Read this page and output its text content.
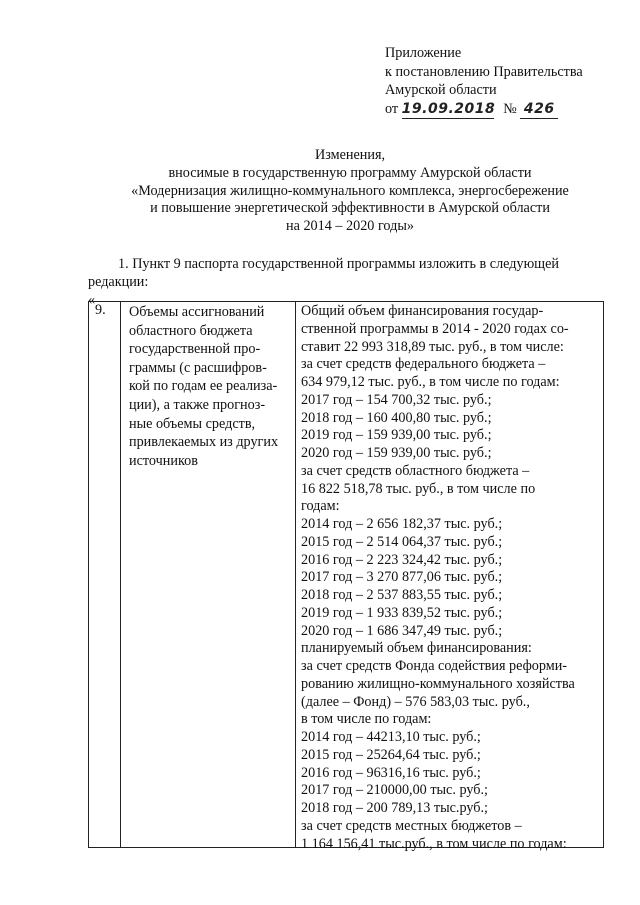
Приложение
к постановлению Правительства
Амурской области
от 19.09.2018 № 426
Изменения,
вносимые в государственную программу Амурской области
«Модернизация жилищно-коммунального комплекса, энергосбережение
и повышение энергетической эффективности в Амурской области
на 2014 – 2020 годы»
1. Пункт 9 паспорта государственной программы изложить в следующей
редакции:
«
9. Объемы ассигнований
областного бюджета
государственной про-
граммы (с расшифров-
кой по годам ее реализа-
ции), а также прогноз-
ные объемы средств,
привлекаемых из других
источников
Общий объем финансирования государ-
ственной программы в 2014 - 2020 годах со-
ставит 22 993 318,89 тыс. руб., в том числе:
за счет средств федерального бюджета –
634 979,12 тыс. руб., в том числе по годам:
2017 год – 154 700,32 тыс. руб.;
2018 год – 160 400,80 тыс. руб.;
2019 год – 159 939,00 тыс. руб.;
2020 год – 159 939,00 тыс. руб.;
за счет средств областного бюджета –
16 822 518,78 тыс. руб., в том числе по
годам:
2014 год – 2 656 182,37 тыс. руб.;
2015 год – 2 514 064,37 тыс. руб.;
2016 год – 2 223 324,42 тыс. руб.;
2017 год – 3 270 877,06 тыс. руб.;
2018 год – 2 537 883,55 тыс. руб.;
2019 год – 1 933 839,52 тыс. руб.;
2020 год – 1 686 347,49 тыс. руб.;
планируемый объем финансирования:
за счет средств Фонда содействия реформи-
рованию жилищно-коммунального хозяйства
(далее – Фонд) – 576 583,03 тыс. руб.,
в том числе по годам:
2014 год – 44213,10 тыс. руб.;
2015 год – 25264,64 тыс. руб.;
2016 год – 96316,16 тыс. руб.;
2017 год – 210000,00 тыс. руб.;
2018 год – 200 789,13 тыс.руб.;
за счет средств местных бюджетов –
1 164 156,41 тыс.руб., в том числе по годам:
